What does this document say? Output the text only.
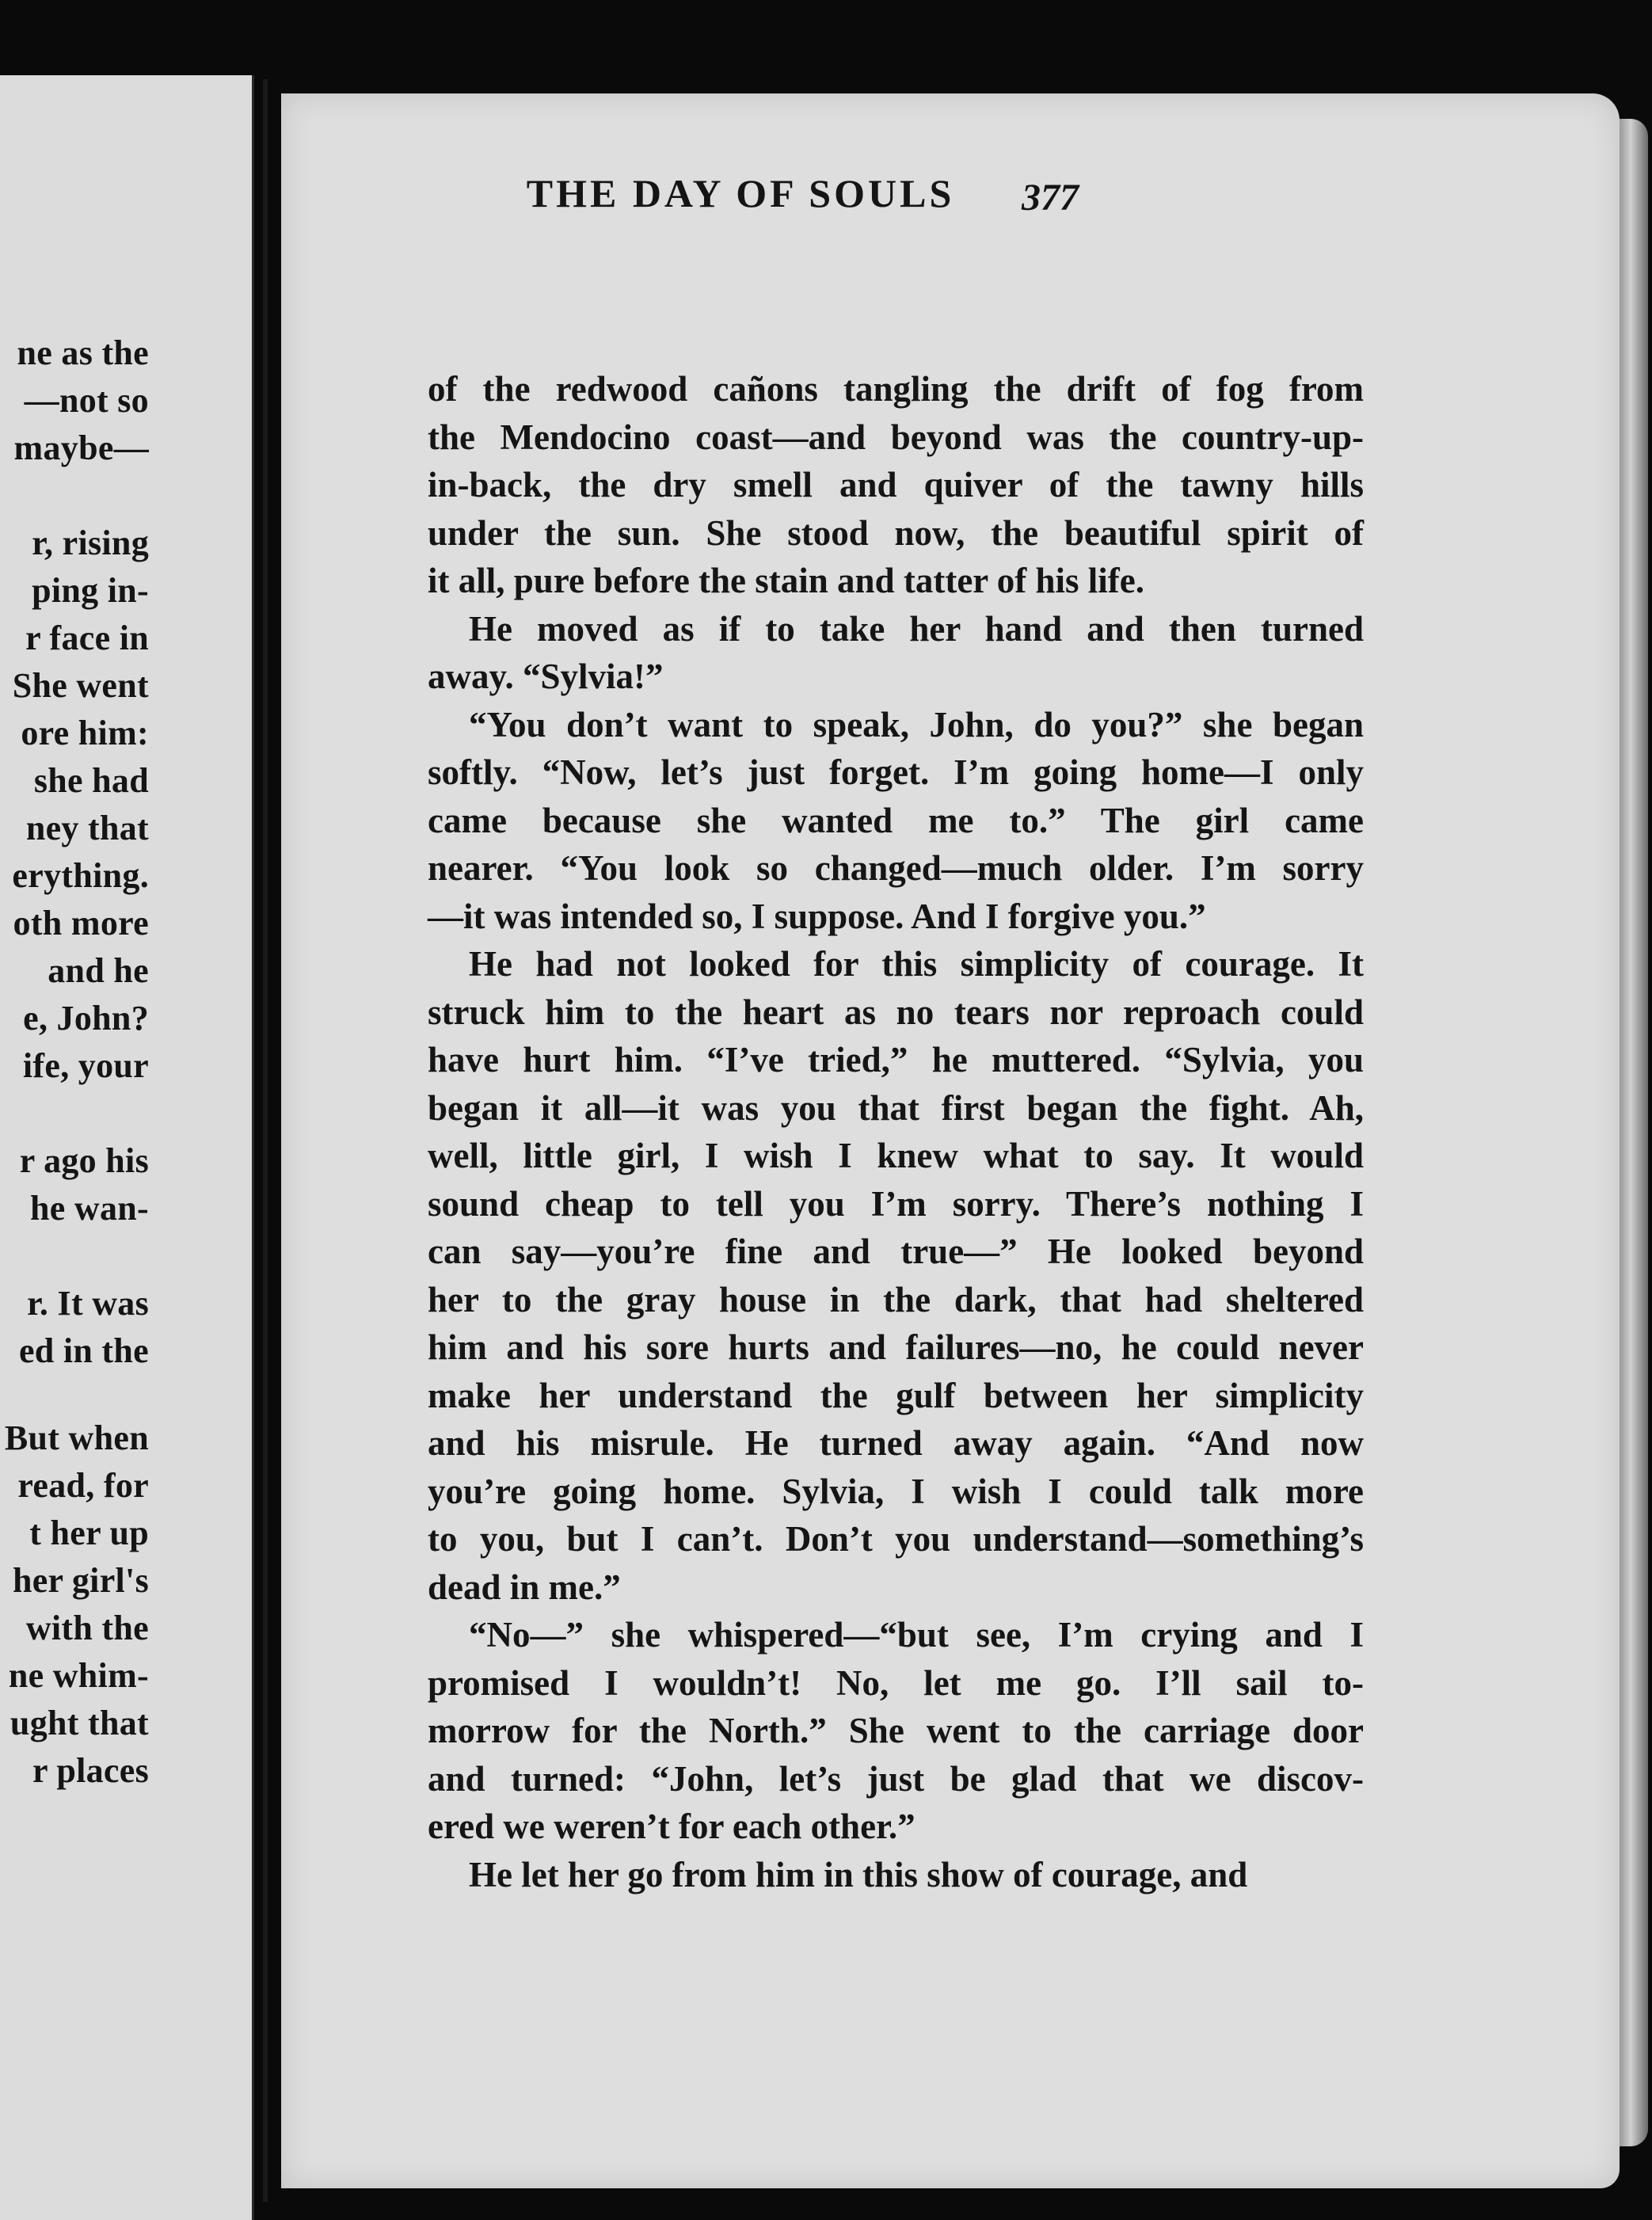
ne as the
—not so
maybe—
r, rising
ping in-
r face in
She went
ore him:
she had
ney that
erything.
oth more
and he
e, John?
ife, your
r ago his
he wan-
r. It was
ed in the
But when
read, for
t her up
her girl's
with the
ne whim-
ught that
r places
THE DAY OF SOULS	377
of the redwood cañons tangling the drift of fog from
the Mendocino coast—and beyond was the country-up-
in-back, the dry smell and quiver of the tawny hills
under the sun. She stood now, the beautiful spirit of
it all, pure before the stain and tatter of his life.
He moved as if to take her hand and then turned
away. “Sylvia!”
“You don’t want to speak, John, do you?” she began
softly. “Now, let’s just forget. I’m going home—I only
came because she wanted me to.” The girl came
nearer. “You look so changed—much older. I’m sorry
—it was intended so, I suppose. And I forgive you.”
He had not looked for this simplicity of courage. It
struck him to the heart as no tears nor reproach could
have hurt him. “I’ve tried,” he muttered. “Sylvia, you
began it all—it was you that first began the fight. Ah,
well, little girl, I wish I knew what to say. It would
sound cheap to tell you I’m sorry. There’s nothing I
can say—you’re fine and true—” He looked beyond
her to the gray house in the dark, that had sheltered
him and his sore hurts and failures—no, he could never
make her understand the gulf between her simplicity
and his misrule. He turned away again. “And now
you’re going home. Sylvia, I wish I could talk more
to you, but I can’t. Don’t you understand—something’s
dead in me.”
“No—” she whispered—“but see, I’m crying and I
promised I wouldn’t! No, let me go. I’ll sail to-
morrow for the North.” She went to the carriage door
and turned: “John, let’s just be glad that we discov-
ered we weren’t for each other.”
He let her go from him in this show of courage, and
